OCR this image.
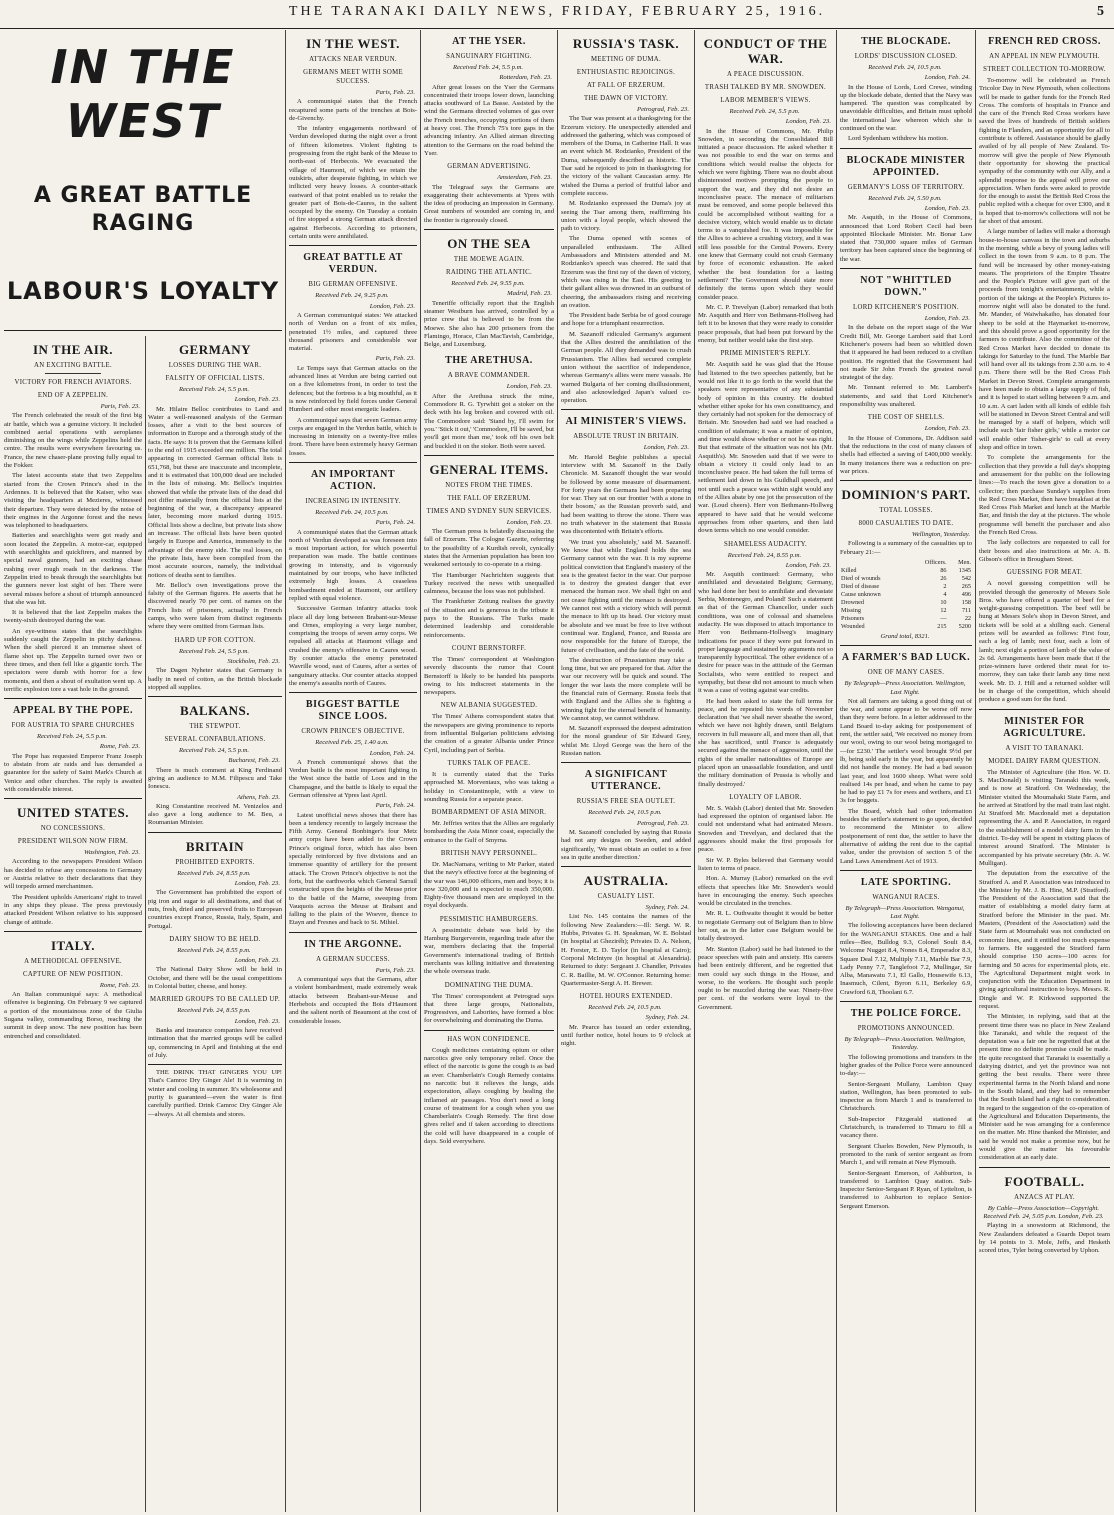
THE TARANAKI DAILY NEWS, FRIDAY, FEBRUARY 25, 1916.	5

IN THE WEST

A GREAT BATTLE RAGING

LABOUR'S LOYALTY

IN THE AIR.
AN EXCITING BATTLE.
VICTORY FOR FRENCH AVIATORS.
END OF A ZEPPELIN.
Paris, Feb. 23.

The French celebrated the result of the first big air battle, which was a genuine victory. It included combined aerial operations with aeroplanes diminishing on the wings while Zeppelins held the centre. The results were everywhere favouring us. France, the new chaser-plane proving fully equal to the Fokker.

The latest accounts state that two Zeppelins started from the Crown Prince's shed in the Ardennes. It is believed that the Kaiser, who was visiting the headquarters at Mezieres, witnessed their departure. They were detected by the noise of their engines in the Argonne forest and the news was telephoned to headquarters.

Batteries and searchlights were got ready and soon located the Zeppelin. A motor-car, equipped with searchlights and quickfirers, and manned by special naval gunners, had an exciting chase rushing over rough roads in the darkness. The Zeppelin tried to break through the searchlights but the gunners never lost sight of her. There were several misses before a shout of triumph announced that she was hit.

It is believed that the last Zeppelin makes the twenty-sixth destroyed during the war.

An eye-witness states that the searchlights suddenly caught the Zeppelin in pitchy darkness. When the shell pierced it an immense sheet of flame shot up. The Zeppelin turned over two or three times, and then fell like a gigantic torch. The spectators were dumb with horror for a few moments, and then a shout of exultation went up. A terrific explosion tore a vast hole in the ground.

APPEAL BY THE POPE.
FOR AUSTRIA TO SPARE CHURCHES
Received Feb. 24, 5.5 p.m.
Rome, Feb. 23.

The Pope has requested Emperor Franz Joseph to abstain from air raids and has demanded a guarantee for the safety of Saint Mark's Church at Venice and other churches. The reply is awaited with considerable interest.

UNITED STATES.
NO CONCESSIONS.
PRESIDENT WILSON NOW FIRM.
Washington, Feb. 23.

According to the newspapers President Wilson has decided to refuse any concessions to Germany or Austria relative to their declarations that they will torpedo armed merchantmen.

The President upholds Americans' right to travel in any ships they please. The press previously attacked President Wilson relative to his supposed change of attitude.

ITALY.
A METHODICAL OFFENSIVE.
CAPTURE OF NEW POSITION.
Rome, Feb. 23.

An Italian communiqué says: A methodical offensive is beginning. On February 9 we captured a portion of the mountainous zone of the Giulia Sugana valley, commanding Borso, reaching the summit in deep snow. The new position has been entrenched and consolidated.

GERMANY
LOSSES DURING THE WAR.
FALSITY OF OFFICIAL LISTS.
Received Feb. 24, 5.5 p.m.
London, Feb. 23.

Mr. Hilaire Belloc contributes to Land and Water a well-reasoned analysis of the German losses, after a visit to the best sources of information in Europe and a thorough study of the facts. He says: It is proven that the Germans killed to the end of 1915 exceeded one million. The total appearing in corrected German official lists is 651,768, but these are inaccurate and incomplete, and it is estimated that 100,000 dead are included in the lists of missing. Mr. Belloc's inquiries showed that while the private lists of the dead did not differ materially from the official lists at the beginning of the war, a discrepancy appeared later, becoming more marked during 1915. Official lists show a decline, but private lists show an increase. The official lists have been quoted largely in Europe and America, immensely to the advantage of the enemy side. The real losses, on the private lists, have been compiled from the most accurate sources, namely, the individual notices of deaths sent to families.

Mr. Belloc's own investigations prove the falsity of the German figures. He asserts that he discovered nearly 70 per cent. of names on the French lists of prisoners, actually in French camps, who were taken from distinct regiments where they were omitted from German lists.

HARD UP FOR COTTON.
Received Feb. 24, 5.5 p.m.
Stockholm, Feb. 23.

The Dagen Nyheter states that Germany is badly in need of cotton, as the British blockade stopped all supplies.

BALKANS.
THE STEWPOT.
SEVERAL CONFABULATIONS.
Received Feb. 24, 5.5 p.m.
Bucharest, Feb. 23.

There is much comment at King Ferdinand giving an audience to M.M. Filipescu and Take Ionescu.

Athens, Feb. 23.

King Constantine received M. Venizelos and also gave a long audience to M. Beu, a Roumanian Minister.

BRITAIN
PROHIBITED EXPORTS.
Received Feb. 24, 8.55 p.m.
London, Feb. 23.

The Government has prohibited the export of pig iron and sugar to all destinations, and that of nuts, fresh, dried and preserved fruits to European countries except France, Russia, Italy, Spain, and Portugal.

DAIRY SHOW TO BE HELD.
Received Feb. 24, 8.55 p.m.
London, Feb. 23.

The National Dairy Show will be held in October, and there will be the usual competitions in Colonial butter, cheese, and honey.

MARRIED GROUPS TO BE CALLED UP.
Received Feb. 24, 8.55 p.m.
London, Feb. 23.

Banks and insurance companies have received intimation that the married groups will be called up, commencing in April and finishing at the end of July.

THE DRINK THAT GINGERS YOU UP! That's Camroc Dry Ginger Ale! It is warming in winter and cooling in summer. It's wholesome and purity is guaranteed—even the water is first carefully purified. Drink Camroc Dry Ginger Ale—always. At all chemists and stores.

IN THE WEST.
ATTACKS NEAR VERDUN.
GERMANS MEET WITH SOME SUCCESS.
Paris, Feb. 23.

A communiqué states that the French recaptured some parts of the trenches at Bois-de-Givenchy.

The infantry engagements northward of Verdun developed during the night over a front of fifteen kilometres. Violent fighting is progressing from the right bank of the Meuse to north-east of Herbecois. We evacuated the village of Haumont, of which we retain the outskirts, after desperate fighting, in which we inflicted very heavy losses. A counter-attack eastward of that point enabled us to retake the greater part of Bois-de-Caures, in the salient occupied by the enemy. On Tuesday a contain of fire stopped a strong German attack directed against Herbecois. According to prisoners, certain units were annihilated.

GREAT BATTLE AT VERDUN.
BIG GERMAN OFFENSIVE.
Received Feb. 24, 9.25 p.m.
London, Feb. 23.

A German communiqué states: We attacked north of Verdun on a front of six miles, penetrated 1½ miles, and captured three thousand prisoners and considerable war material.

Paris, Feb. 23.

Le Temps says that German attacks on the advanced lines at Verdun are being carried out on a five kilometres front, in order to test the defences; but the fortress is a big mouthful, as it is now reinforced by field forces under General Humbert and other most energetic leaders.

A communiqué says that seven German army corps are engaged in the Verdun battle, which is increasing in intensity on a twenty-five miles front. There have been extremely heavy German losses.

AN IMPORTANT ACTION.
INCREASING IN INTENSITY.
Received Feb. 24, 10.5 p.m.
Paris, Feb. 24.

A communiqué states that the German attack north of Verdun developed as was foreseen into a most important action, for which powerful preparation was made. The battle continues growing in intensity, and is vigorously maintained by our troops, who have inflicted extremely high losses. A ceaseless bombardment ended at Haumont, our artillery replied with equal violence.

Successive German infantry attacks took place all day long between Brabant-sur-Meuse and Ornes, employing a very large number, comprising the troops of seven army corps. We repulsed all attacks at Haumont village and crushed the enemy's offensive in Caures wood. By counter attacks the enemy penetrated Wavrille wood, east of Caures, after a series of sanguinary attacks. Our counter attacks stopped the enemy's assaults north of Caures.

BIGGEST BATTLE SINCE LOOS.
CROWN PRINCE'S OBJECTIVE.
Received Feb. 25, 1.40 a.m.
London, Feb. 24.

A French communiqué shows that the Verdun battle is the most important fighting in the West since the battle of Loos and in the Champagne, and the battle is likely to equal the German offensive at Ypres last April.

Paris, Feb. 24.

Latest unofficial news shows that there has been a tendency recently to largely increase the Fifth Army. General Bonbinger's four Metz army corps have been added to the Crown Prince's original force, which has also been specially reinforced by five divisions and an immense quantity of artillery for the present attack. The Crown Prince's objective is not the forts, but the earthworks which General Sarrail constructed upon the heights of the Meuse prior to the battle of the Marne, sweeping from Vauquois across the Meuse at Brabant and falling to the plain of the Woevre, thence to Etayn and Fresnes and back to St. Mihiel.

IN THE ARGONNE.
A GERMAN SUCCESS.
Paris, Feb. 23.

A communiqué says that the Germans, after a violent bombardment, made extremely weak attacks between Brabant-sur-Meuse and Herbebois and occupied the Bois d'Haumont and the salient north of Beaumont at the cost of considerable losses.

AT THE YSER.
SANGUINARY FIGHTING.
Received Feb. 24, 5.5 p.m.
Rotterdam, Feb. 23.

After great losses on the Yser the Germans concentrated their troops lower down, launching attacks southward of La Basse. Assisted by the wind the Germans directed volumes of gas over the French trenches, occupying portions of them at heavy cost. The French 75's tore gaps in the advancing infantry. An Allied airman directing attention to the Germans on the road behind the Yser.

GERMAN ADVERTISING.
Amsterdam, Feb. 23.

The Telegraaf says the Germans are exaggerating their achievements at Ypres with the idea of producing an impression in Germany. Great numbers of wounded are coming in, and the frontier is rigorously closed.

ON THE SEA
THE MOEWE AGAIN.
RAIDING THE ATLANTIC.
Received Feb. 24, 9.55 p.m.
Madrid, Feb. 23.

Teneriffe officially report that the English steamer Westburn has arrived, controlled by a prize crew that is believed to be from the Moewe. She also has 200 prisoners from the Flamingo, Horace, Clan MacTavish, Cambridge, Belge, and Luxemburg.

THE ARETHUSA.
A BRAVE COMMANDER.
London, Feb. 23.

After the Arethusa struck the mine, Commodore R. G. Tyrwhitt got a stoker on the deck with his leg broken and covered with oil. The Commodore said: 'Stand by, I'll swim for you.' 'Stick it out,' 'Commodore, I'll be saved, but you'll get more than me,' took off his own belt and buckled it on the stoker. Both were saved.

GENERAL ITEMS.
NOTES FROM THE TIMES.
THE FALL OF ERZERUM.
TIMES AND SYDNEY SUN SERVICES.
London, Feb. 23.

The German press is belatedly discussing the fall of Erzerum. The Cologne Gazette, referring to the possibility of a Kurdish revolt, cynically states that the Armenian population has been too weakened seriously to co-operate in a rising.

The Hamburger Nachrichten suggests that Turkey received the news with unequalled calmness, because the loss was not published.

The Frankfurter Zeitung realises the gravity of the situation and is generous in the tribute it pays to the Russians. The Turks made determined leadership and considerable reinforcements.

COUNT BERNSTORFF.

The Times' correspondent at Washington severely discounts the rumor that Count Bernstorff is likely to be handed his passports owing to his indiscreet statements in the newspapers.

NEW ALBANIA SUGGESTED.

The Times' Athens correspondent states that the newspapers are giving prominence to reports from influential Bulgarian politicians advising the creation of a greater Albania under Prince Cyril, including part of Serbia.

TURKS TALK OF PEACE.

It is currently stated that the Turks approached M. Morventaux, who was taking a holiday in Constantinople, with a view to sounding Russia for a separate peace.

BOMBARDMENT OF ASIA MINOR.

Mr. Jeffries writes that the Allies are regularly bombarding the Asia Minor coast, especially the entrance to the Gulf of Smyrna.

BRITISH NAVY PERSONNEL.

Dr. MacNamara, writing to Mr Parker, stated that the navy's effective force at the beginning of the war was 146,000 officers, men and boys; it is now 320,000 and is expected to reach 350,000. Eighty-five thousand men are employed in the royal dockyards.

PESSIMISTIC HAMBURGERS.

A pessimistic debate was held by the Hamburg Burgerverein, regarding trade after the war, members declaring that the Imperial Government's international trading of British merchants was killing initiative and threatening the whole overseas trade.

DOMINATING THE DUMA.

The Times' correspondent at Petrograd says that three large groups, Nationalists, Progressives, and Laborites, have formed a bloc for overwhelming and dominating the Duma.

HAS WON CONFIDENCE.

Cough medicines containing opium or other narcotics give only temporary relief. Once the effect of the narcotic is gone the cough is as bad as ever. Chamberlain's Cough Remedy contains no narcotic but it relieves the lungs, aids expectoration, allays coughing by healing the inflamed air passages. You don't need a long course of treatment for a cough when you use Chamberlain's Cough Remedy. The first dose gives relief and if taken according to directions the cold will have disappeared in a couple of days. Sold everywhere.

RUSSIA'S TASK.
MEETING OF DUMA.
ENTHUSIASTIC REJOICINGS.
AT FALL OF ERZERUM.
THE DAWN OF VICTORY.
Petrograd, Feb. 23.

The Tsar was present at a thanksgiving for the Erzerum victory. He unexpectedly attended and addressed the gathering, which was composed of members of the Duma, in Catherine Hall. It was an event which M. Rodzianko, President of the Duma, subsequently described as historic. The Tsar said he rejoiced to join in thanksgiving for the victory of the valiant Caucasian army. He wished the Duma a period of fruitful labor and complete success.

M. Rodzianko expressed the Duma's joy at seeing the Tsar among them, reaffirming his union with a loyal people, which showed the path to victory.

The Duma opened with scenes of unparalleled enthusiasm. The Allied Ambassadors and Ministers attended and M. Rodzianko's speech was cheered. He said that Erzerum was the first ray of the dawn of victory, which was rising in the East. His greeting to their gallant allies was drowned in an outburst of cheering, the ambassadors rising and receiving an ovation.

The President bade Serbia be of good courage and hope for a triumphant resurrection.

M. Sazanoff ridiculed Germany's argument that the Allies desired the annihilation of the German people. All they demanded was to crush Prussianism. The Allies had secured complete union without the sacrifice of independence, whereas Germany's allies were mere vassals. He warned Bulgaria of her coming disillusionment, and also acknowledged Japan's valued co-operation.

AI MINISTER'S VIEWS.
ABSOLUTE TRUST IN BRITAIN.
London, Feb. 23.

Mr. Harold Begbie publishes a special interview with M. Sazanoff in the Daily Chronicle. M. Sazanoff thought the war would be followed by some measure of disarmament. For forty years the Germans had been preparing for war. They sat on our frontier 'with a stone in their bosom,' as the Russian proverb said, and had been waiting to throw the stone. There was no truth whatever in the statement that Russia was discontented with Britain's efforts.

'We trust you absolutely,' said M. Sazanoff. We know that while England holds the sea Germany cannot win the war. It is my supreme political conviction that England's mastery of the sea is the greatest factor in the war. Our purpose is to destroy the greatest danger that ever menaced the human race. We shall fight on and not cease fighting until the menace is destroyed. We cannot rest with a victory which will permit the menace to lift up its head. Our victory must be absolute and we must be free to live without continual war. England, France, and Russia are now responsible for the future of Europe, the future of civilisation, and the fate of the world.

The destruction of Prussianism may take a long time, but we are prepared for that. After the war our recovery will be quick and sound. The longer the war lasts the more complete will be the financial ruin of Germany. Russia feels that with England and the Allies she is fighting a winning fight for the eternal benefit of humanity. We cannot stop, we cannot withdraw.

M. Sazanoff expressed the deepest admiration for the moral grandeur of Sir Edward Grey, whilst Mr. Lloyd George was the hero of the Russian nation.

A SIGNIFICANT UTTERANCE.
RUSSIA'S FREE SEA OUTLET.
Received Feb. 24, 10.5 p.m.
Petrograd, Feb. 23.

M. Sazanoff concluded by saying that Russia had not any designs on Sweden, and added significantly, 'We must obtain an outlet to a free sea in quite another direction.'

AUSTRALIA.
CASUALTY LIST.
Sydney, Feb. 24.

List No. 145 contains the names of the following New Zealanders:—Ill: Sergt. W. R. Hubbs, Privates G. H. Speakman, W. E. Bolstad (in hospital at Gheziréh); Privates D. A. Nelson, H. Forster, E. D. Taylor (in hospital at Cairo); Corporal McIntyre (in hospital at Alexandria). Returned to duty: Sergeant J. Chandler, Privates C. R. Baillie, M. W. O'Connor. Returning home: Quartermaster-Sergt A. H. Brewer.

HOTEL HOURS EXTENDED.
Received Feb. 24, 10.5 p.m.
Sydney, Feb. 24.

Mr. Pearce has issued an order extending, until further notice, hotel hours to 9 o'clock at night.

CONDUCT OF THE WAR.
A PEACE DISCUSSION.
TRASH TALKED BY MR. SNOWDEN.
LABOR MEMBER'S VIEWS.
Received Feb. 24, 5.5 p.m.
London, Feb. 23.

In the House of Commons, Mr. Philip Snowden, in seconding the Consolidated Bill initiated a peace discussion. He asked whether it was not possible to end the war on terms and conditions which would realise the objects for which we were fighting. There was no doubt about disinterested motives prompting the people to support the war, and they did not desire an inconclusive peace. The menace of militarism must be removed, and some people believed this could be accomplished without waiting for a decisive victory, which would enable us to dictate terms to a vanquished foe. It was impossible for the Allies to achieve a crushing victory, and it was still less possible for the Central Powers. Every one knew that Germany could not crush Germany by force of economic exhaustion. He asked whether the best foundation for a lasting settlement? The Government should state more definitely the terms upon which they would consider peace.

Mr. C. P. Trevelyan (Labor) remarked that both Mr. Asquith and Herr von Bethmann-Hollweg had left it to be known that they were ready to consider peace proposals, that had been put forward by the enemy, but neither would take the first step.

PRIME MINISTER'S REPLY.

Mr. Asquith said he was glad that the House had listened to the two speeches patiently, but he would not like it to go forth to the world that the speakers were representative of any substantial body of opinion in this country. He doubted whether either spoke for his own constituency, and they certainly had not spoken for the democracy of Britain. Mr. Snowden had said we had reached a condition of stalemate; it was a matter of opinion, and time would show whether or not he was right. But that estimate of the situation was not his (Mr. Asquith's). Mr. Snowden said that if we were to obtain a victory it could only lead to an inconclusive peace. He had taken the full terms of settlement laid down in his Guildhall speech, and not until such a peace was within sight would any of the Allies abate by one jot the prosecution of the war. (Loud cheers). Herr von Bethmann-Hollweg appeared to have said that he would welcome approaches from other quarters, and then laid down terms which no one would consider.

SHAMELESS AUDACITY.
Received Feb. 24, 8.55 p.m.
London, Feb. 23.

Mr. Asquith continued: Germany, who annihilated and devastated Belgium; Germany, who had done her best to annihilate and devastate Serbia, Montenegro, and Poland! Such a statement as that of the German Chancellor, under such conditions, was one of colossal and shameless audacity. He was disposed to attach importance to Herr von Bethmann-Hollweg's imaginary indications for peace if they were put forward in proper language and sustained by arguments not so transparently hypocritical. The other evidence of a desire for peace was in the attitude of the German Socialists, who were entitled to respect and sympathy, but these did not amount to much when it was a case of voting against war credits.

He had been asked to state the full terms for peace, and he repeated his words of November declaration that 'we shall never sheathe the sword, which we have not lightly drawn, until Belgium recovers in full measure all, and more than all, that she has sacrificed, until France is adequately secured against the menace of aggression, until the rights of the smaller nationalities of Europe are placed upon an unassailable foundation, and until the military domination of Prussia is wholly and finally destroyed.'

LOYALTY OF LABOR.

Mr. S. Walsh (Labor) denied that Mr. Snowden had expressed the opinion of organised labor. He could not understand what had animated Messrs. Snowden and Trevelyan, and declared that the aggressors should make the first proposals for peace.

Sir W. P. Byles believed that Germany would listen to terms of peace.

Hon. A. Murray (Labor) remarked on the evil effects that speeches like Mr. Snowden's would have in encouraging the enemy. Such speeches would be circulated in the trenches.

Mr. R. L. Outhwaite thought it would be better to negotiate Germany out of Belgium than to blow her out, as in the latter case Belgium would be totally destroyed.

Mr. Stanton (Labor) said he had listened to the peace speeches with pain and anxiety. His careers had been entirely different, and he regretted that men could say such things in the House, and worse, to the workers. He thought such people ought to be muzzled during the war. Ninety-five per cent. of the workers were loyal to the Government.

THE BLOCKADE.
LORDS' DISCUSSION CLOSED.
Received Feb. 24, 10.5 p.m.
London, Feb. 24.

In the House of Lords, Lord Crewe, winding up the blockade debate, denied that the Navy was hampered. The question was complicated by unavoidable difficulties, and Britain must uphold the international law whereon which she is continued on the war.

Lord Sydenham withdrew his motion.

BLOCKADE MINISTER APPOINTED.
GERMANY'S LOSS OF TERRITORY.
Received Feb. 24, 5.50 p.m.
London, Feb. 23.

Mr. Asquith, in the House of Commons, announced that Lord Robert Cecil had been appointed Blockade Minister. Mr. Bonar Law stated that 730,000 square miles of German territory has been captured since the beginning of the war.

NOT "WHITTLED DOWN."
LORD KITCHENER'S POSITION.
London, Feb. 23.

In the debate on the report stage of the War Credit Bill, Mr. George Lambert said that Lord Kitchener's powers had been so whittled down that it appeared he had been reduced to a civilian position. He regretted that the Government had not made Sir John French the greatest naval strategist of the day.

Mr. Tennant referred to Mr. Lambert's statements, and said that Lord Kitchener's responsibility was unaltered.

THE COST OF SHELLS.
London, Feb. 23.

In the House of Commons, Dr. Addison said that the reductions in the cost of many classes of shells had effected a saving of £400,000 weekly. In many instances there was a reduction on pre-war prices.

DOMINION'S PART.
TOTAL LOSSES.
8000 CASUALTIES TO DATE.
Wellington, Yesterday.

Following is a summary of the casualties up to February 21:—

	Officers.	Men.
Killed	86	1345
Died of wounds	26	542
Died of disease	2	265
Cause unknown	4	496
Drowned	10	158
Missing	12	711
Prisoners	—	22
Wounded	215	5200
Grand total, 8321.
A FARMER'S BAD LUCK.
ONE OF MANY CASES.
By Telegraph—Press Association. Wellington, Last Night.

Not all farmers are taking a good thing out of the war, and some appear to be worse off now than they were before. In a letter addressed to the Land Board to-day asking for postponement of rent, the settler said, 'We received no money from our wool, owing to our wool being mortgaged to—for £230.' The settler's wool brought 9½d per lb, being sold early in the year, but apparently he did not handle the money. He had a bad season last year, and lost 1600 sheep. What were sold realised 14s per head, and when he came to pay he had to pay £1 7s for ewes and wethers, and £1 3s for hoggets.

The Board, which had other information besides the settler's statement to go upon, decided to recommend the Minister to allow postponement of rent due, the settler to have the alternative of adding the rent due to the capital value, under the provision of section 5 of the Land Laws Amendment Act of 1913.

LATE SPORTING.
WANGANUI RACES.
By Telegraph—Press Association. Wanganui, Last Night.

The following acceptances have been declared for the WANGANUI STAKES. One and a half miles—Bee, Bulldog 9.3, Colonel Soult 8.4, Welcome Nugget 8.4, Nones 8.4, Emperador 8.3, Square Deal 7.12, Multiply 7.11, Marble Bar 7.9, Lady Penny 7.7, Tanglefoot 7.2, Mullingar, Sir Alba, Manawatu 7.1, El Gallo, Housewife 6.13, Inasmuch, Cilent, Byron 6.11, Berkeley 6.9, Crawford 6.8, Thoolani 6.7.

THE POLICE FORCE.
PROMOTIONS ANNOUNCED.
By Telegraph—Press Association. Wellington, Yesterday.

The following promotions and transfers in the higher grades of the Police Force were announced to-day:—

Senior-Sergeant Mullany, Lambton Quay station, Wellington, has been promoted to sub-inspector as from March 1 and is transferred to Christchurch.

Sub-Inspector Fitzgerald stationed at Christchurch, is transferred to Timaru to fill a vacancy there.

Sergeant Charles Bowden, New Plymouth, is promoted to the rank of senior sergeant as from March 1, and will remain at New Plymouth.

Senior-Sergeant Emerson, of Ashburton, is transferred to Lambton Quay station. Sub-Inspector Senior-Sergeant P. Ryan, of Lyttelton, is transferred to Ashburton to replace Senior-Sergeant Emerson.

FRENCH RED CROSS.
AN APPEAL IN NEW PLYMOUTH.
STREET COLLECTION TO-MORROW.

To-morrow will be celebrated as French Tricolor Day in New Plymouth, when collections will be made to gather funds for the French Red Cross. The comforts of hospitals in France and the care of the French Red Cross workers have saved the lives of hundreds of British soldiers fighting in Flanders, and an opportunity for all to contribute is offered. Assistance should be gladly availed of by all people of New Zealand. To-morrow will give the people of New Plymouth their opportunity for showing the practical sympathy of the community with our Ally, and a splendid response to the appeal will prove our appreciation. When funds were asked to provide for the enough to assist the British Red Cross the public replied with a cheque for over £300, and it is hoped that to-morrow's collections will not be far short of that amount.

A large number of ladies will make a thorough house-to-house canvass in the town and suburbs in the morning, while a bevy of young ladies will collect in the town from 9 a.m. to 8 p.m. The fund will be increased by other money-raising means. The proprietors of the Empire Theatre and the People's Picture will give part of the proceeds from tonight's entertainments, while a portion of the takings at the People's Pictures to-morrow night will also be donated to the fund. Mr. Mander, of Waiwhakaiho, has donated four sheep to be sold at the Haymarket to-morrow, and this should prove a good opportunity for the farmers to contribute. Also the committee of the Red Cross Market have decided to donate its takings for Saturday to the fund. The Marble Bar will hand over all its takings from 2.30 a.m. to 4 p.m. There there will be the Red Cross Fish Market in Devon Street. Complete arrangements have been made to obtain a large supply of fish, and it is hoped to start selling between 9 a.m. and 10 a.m. A cart laden with all kinds of edible fish will be stationed in Devon Street Central and will be managed by a staff of helpers, which will include such 'fair fisher girls,' while a motor car will enable other 'fisher-girls' to call at every shop and office in town.

To complete the arrangements for the collection that they provide a full day's shopping and amusement for the public on the following lines:—To reach the town give a donation to a collector; then purchase Sunday's supplies from the Red Cross Market, then have breakfast at the Red Cross Fish Market and lunch at the Marble Bar, and finish the day at the pictures. The whole programme will benefit the purchaser and also the French Red Cross.

The lady collectors are requested to call for their boxes and also instructions at Mr. A. B. Gibson's office in Brougham Street.

GUESSING FOR MEAT.

A novel guessing competition will be provided through the generosity of Messrs Sole Bros. who have offered a quarter of beef for a weight-guessing competition. The beef will be hung at Messrs Sole's shop in Devon Street, and tickets will be sold at a shilling each. General prizes will be awarded as follows: First four, each a leg of lamb; next four, each a loin of lamb; next eight a portion of lamb of the value of 2s 6d. Arrangements have been made that if the prize-winners have ordered their meat for to-morrow, they can take their lamb any time next week. Mr. D. J. Hill and a returned soldier will be in charge of the competition, which should produce a good sum for the fund.

MINISTER FOR AGRICULTURE.
A VISIT TO TARANAKI.
MODEL DAIRY FARM QUESTION.

The Minister of Agriculture (the Hon. W. D. S. MacDonald) is visiting Taranaki this week, and is now at Stratford. On Wednesday, the Minister visited the Moumahaki State Farm, and he arrived at Stratford by the mail train last night. At Stratford Mr. Macdonald met a deputation representing the A. and P. Association, in regard to the establishment of a model dairy farm in the district. To-day will be spent in visiting places of interest around Stratford. The Minister is accompanied by his private secretary (Mr. A. W. Mulligan).

The deputation from the executive of the Stratford A. and P. Association was introduced to the Minister by Mr. J. B. Hine, M.P. (Stratford). The President of the Association said that the matter of establishing a model dairy farm at Stratford before the Minister in the past. Mr. Masters, (President of the Association) said the State farm at Moumahaki was not conducted on economic lines, and it entitled too much expense to farmers. He suggested the Stratford farm should comprise 150 acres—100 acres for farming and 50 acres for experimental plots, etc. The Agricultural Department might work in conjunction with the Education Department in giving agricultural instruction to boys. Messrs. R. Dingle and W. P. Kirkwood supported the request.

The Minister, in replying, said that at the present time there was no place in New Zealand like Taranaki, and while the request of the deputation was a fair one he regretted that at the present time no definite promise could be made. He quite recognised that Taranaki is essentially a dairying district, and yet the province was not getting the best results. There were three experimental farms in the North Island and none in the South Island, and they had to remember that the South Island had a right to consideration. In regard to the suggestion of the co-operation of the Agricultural and Education Departments, the Minister said he was arranging for a conference on the matter. Mr. Hine thanked the Minister, and said he would not make a promise now, but he would give the matter his favourable consideration at an early date.

FOOTBALL.
ANZACS AT PLAY.
By Cable—Press Association—Copyright. Received Feb. 24, 5.05 p.m. London, Feb. 23.

Playing in a snowstorm at Richmond, the New Zealanders defeated a Guards Depot team by 14 points to 3. Mole, Jeffs, and Hesketh scored tries, Tyler being converted by Uphon.
